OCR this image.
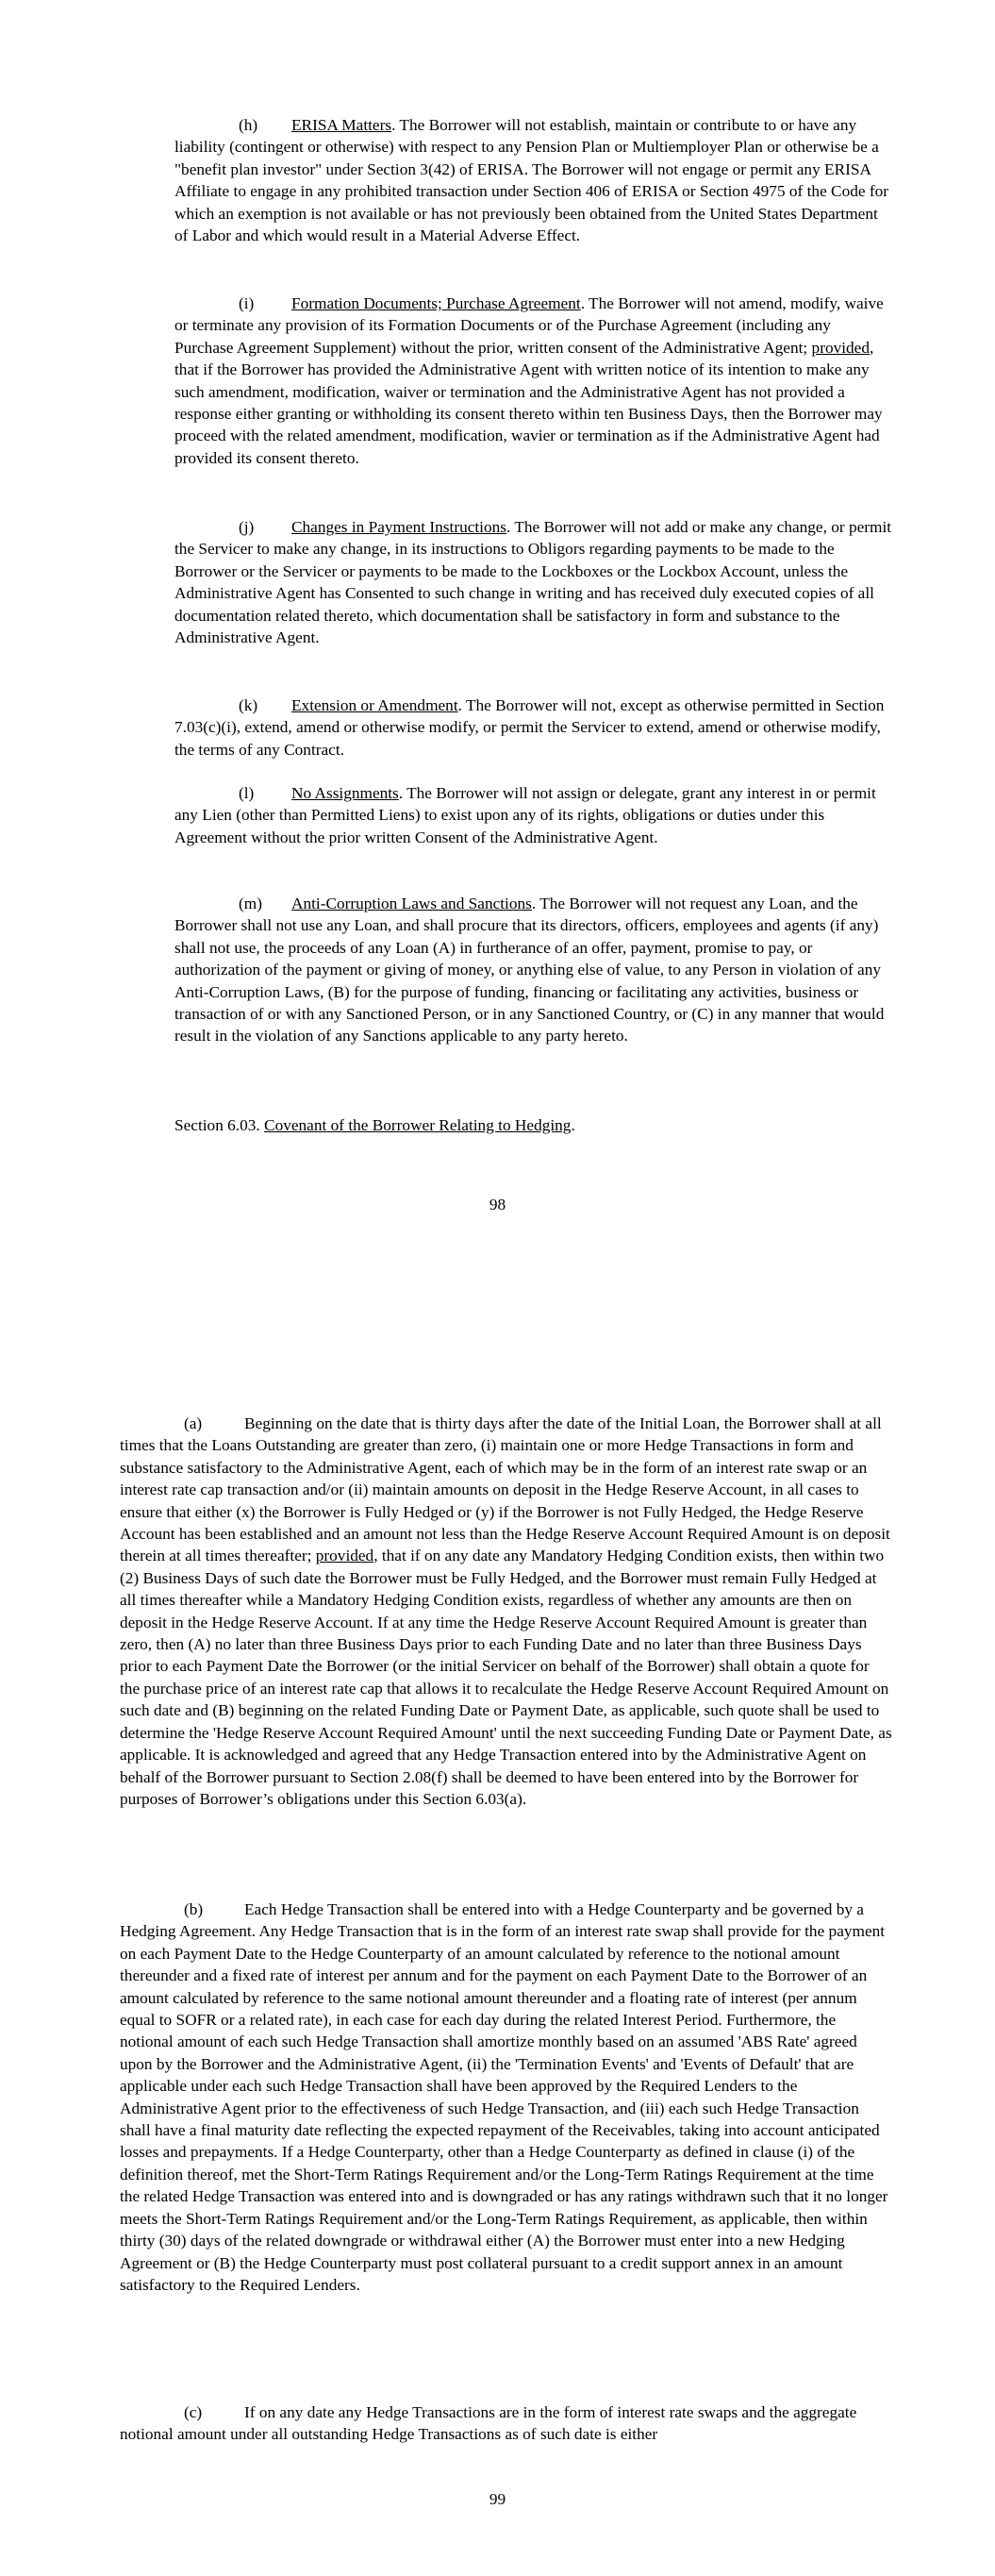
(h) ERISA Matters. The Borrower will not establish, maintain or contribute to or have any liability (contingent or otherwise) with respect to any Pension Plan or Multiemployer Plan or otherwise be a "benefit plan investor" under Section 3(42) of ERISA. The Borrower will not engage or permit any ERISA Affiliate to engage in any prohibited transaction under Section 406 of ERISA or Section 4975 of the Code for which an exemption is not available or has not previously been obtained from the United States Department of Labor and which would result in a Material Adverse Effect.

(i) Formation Documents; Purchase Agreement. The Borrower will not amend, modify, waive or terminate any provision of its Formation Documents or of the Purchase Agreement (including any Purchase Agreement Supplement) without the prior, written consent of the Administrative Agent; provided, that if the Borrower has provided the Administrative Agent with written notice of its intention to make any such amendment, modification, waiver or termination and the Administrative Agent has not provided a response either granting or withholding its consent thereto within ten Business Days, then the Borrower may proceed with the related amendment, modification, wavier or termination as if the Administrative Agent had provided its consent thereto.

(j) Changes in Payment Instructions. The Borrower will not add or make any change, or permit the Servicer to make any change, in its instructions to Obligors regarding payments to be made to the Borrower or the Servicer or payments to be made to the Lockboxes or the Lockbox Account, unless the Administrative Agent has Consented to such change in writing and has received duly executed copies of all documentation related thereto, which documentation shall be satisfactory in form and substance to the Administrative Agent.

(k) Extension or Amendment. The Borrower will not, except as otherwise permitted in Section 7.03(c)(i), extend, amend or otherwise modify, or permit the Servicer to extend, amend or otherwise modify, the terms of any Contract.

(l) No Assignments. The Borrower will not assign or delegate, grant any interest in or permit any Lien (other than Permitted Liens) to exist upon any of its rights, obligations or duties under this Agreement without the prior written Consent of the Administrative Agent.

(m) Anti-Corruption Laws and Sanctions. The Borrower will not request any Loan, and the Borrower shall not use any Loan, and shall procure that its directors, officers, employees and agents (if any) shall not use, the proceeds of any Loan (A) in furtherance of an offer, payment, promise to pay, or authorization of the payment or giving of money, or anything else of value, to any Person in violation of any Anti-Corruption Laws, (B) for the purpose of funding, financing or facilitating any activities, business or transaction of or with any Sanctioned Person, or in any Sanctioned Country, or (C) in any manner that would result in the violation of any Sanctions applicable to any party hereto.

Section 6.03. Covenant of the Borrower Relating to Hedging.

98

(a)	Beginning on the date that is thirty days after the date of the Initial Loan, the Borrower shall at all times that the Loans Outstanding are greater than zero, (i) maintain one or more Hedge Transactions in form and substance satisfactory to the Administrative Agent, each of which may be in the form of an interest rate swap or an interest rate cap transaction and/or (ii) maintain amounts on deposit in the Hedge Reserve Account, in all cases to ensure that either (x) the Borrower is Fully Hedged or (y) if the Borrower is not Fully Hedged, the Hedge Reserve Account has been established and an amount not less than the Hedge Reserve Account Required Amount is on deposit therein at all times thereafter; provided, that if on any date any Mandatory Hedging Condition exists, then within two (2) Business Days of such date the Borrower must be Fully Hedged, and the Borrower must remain Fully Hedged at all times thereafter while a Mandatory Hedging Condition exists, regardless of whether any amounts are then on deposit in the Hedge Reserve Account. If at any time the Hedge Reserve Account Required Amount is greater than zero, then (A) no later than three Business Days prior to each Funding Date and no later than three Business Days prior to each Payment Date the Borrower (or the initial Servicer on behalf of the Borrower) shall obtain a quote for the purchase price of an interest rate cap that allows it to recalculate the Hedge Reserve Account Required Amount on such date and (B) beginning on the related Funding Date or Payment Date, as applicable, such quote shall be used to determine the 'Hedge Reserve Account Required Amount' until the next succeeding Funding Date or Payment Date, as applicable. It is acknowledged and agreed that any Hedge Transaction entered into by the Administrative Agent on behalf of the Borrower pursuant to Section 2.08(f) shall be deemed to have been entered into by the Borrower for purposes of Borrower’s obligations under this Section 6.03(a).

(b)	Each Hedge Transaction shall be entered into with a Hedge Counterparty and be governed by a Hedging Agreement. Any Hedge Transaction that is in the form of an interest rate swap shall provide for the payment on each Payment Date to the Hedge Counterparty of an amount calculated by reference to the notional amount thereunder and a fixed rate of interest per annum and for the payment on each Payment Date to the Borrower of an amount calculated by reference to the same notional amount thereunder and a floating rate of interest (per annum equal to SOFR or a related rate), in each case for each day during the related Interest Period. Furthermore, the notional amount of each such Hedge Transaction shall amortize monthly based on an assumed 'ABS Rate' agreed upon by the Borrower and the Administrative Agent, (ii) the 'Termination Events' and 'Events of Default' that are applicable under each such Hedge Transaction shall have been approved by the Required Lenders to the Administrative Agent prior to the effectiveness of such Hedge Transaction, and (iii) each such Hedge Transaction shall have a final maturity date reflecting the expected repayment of the Receivables, taking into account anticipated losses and prepayments. If a Hedge Counterparty, other than a Hedge Counterparty as defined in clause (i) of the definition thereof, met the Short-Term Ratings Requirement and/or the Long-Term Ratings Requirement at the time the related Hedge Transaction was entered into and is downgraded or has any ratings withdrawn such that it no longer meets the Short-Term Ratings Requirement and/or the Long-Term Ratings Requirement, as applicable, then within thirty (30) days of the related downgrade or withdrawal either (A) the Borrower must enter into a new Hedging Agreement or (B) the Hedge Counterparty must post collateral pursuant to a credit support annex in an amount satisfactory to the Required Lenders.

(c)	If on any date any Hedge Transactions are in the form of interest rate swaps and the aggregate notional amount under all outstanding Hedge Transactions as of such date is either

99
